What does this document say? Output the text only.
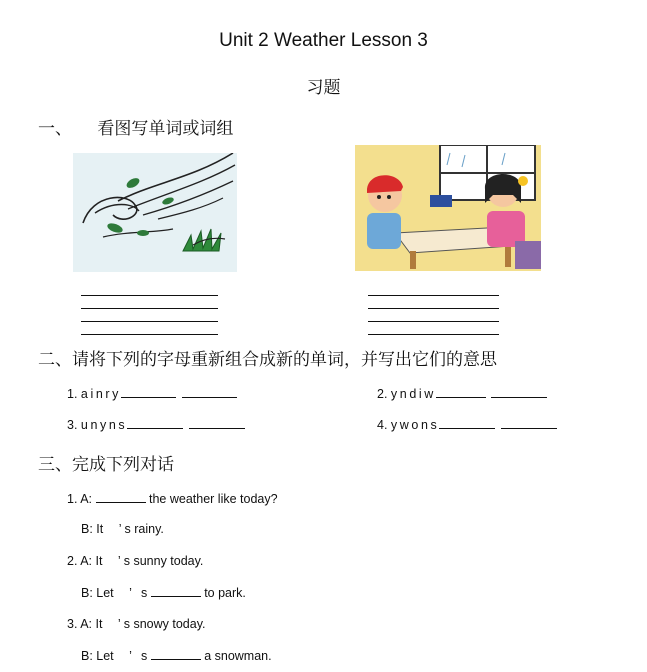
Unit 2 Weather Lesson 3
习题
一、 看图写单词或词组
二、请将下列的字母重新组合成新的单词，并写出它们的意思
1. ainry	2. yndiw
3. unyns	4. ywons
三、完成下列对话
1. A:	the weather like today?
B: It ’ s rainy.
2. A: It ’ s sunny today.
B: Let ’ s	to park.
3. A: It ’ s snowy today.
B: Let ’ s	a snowman.
